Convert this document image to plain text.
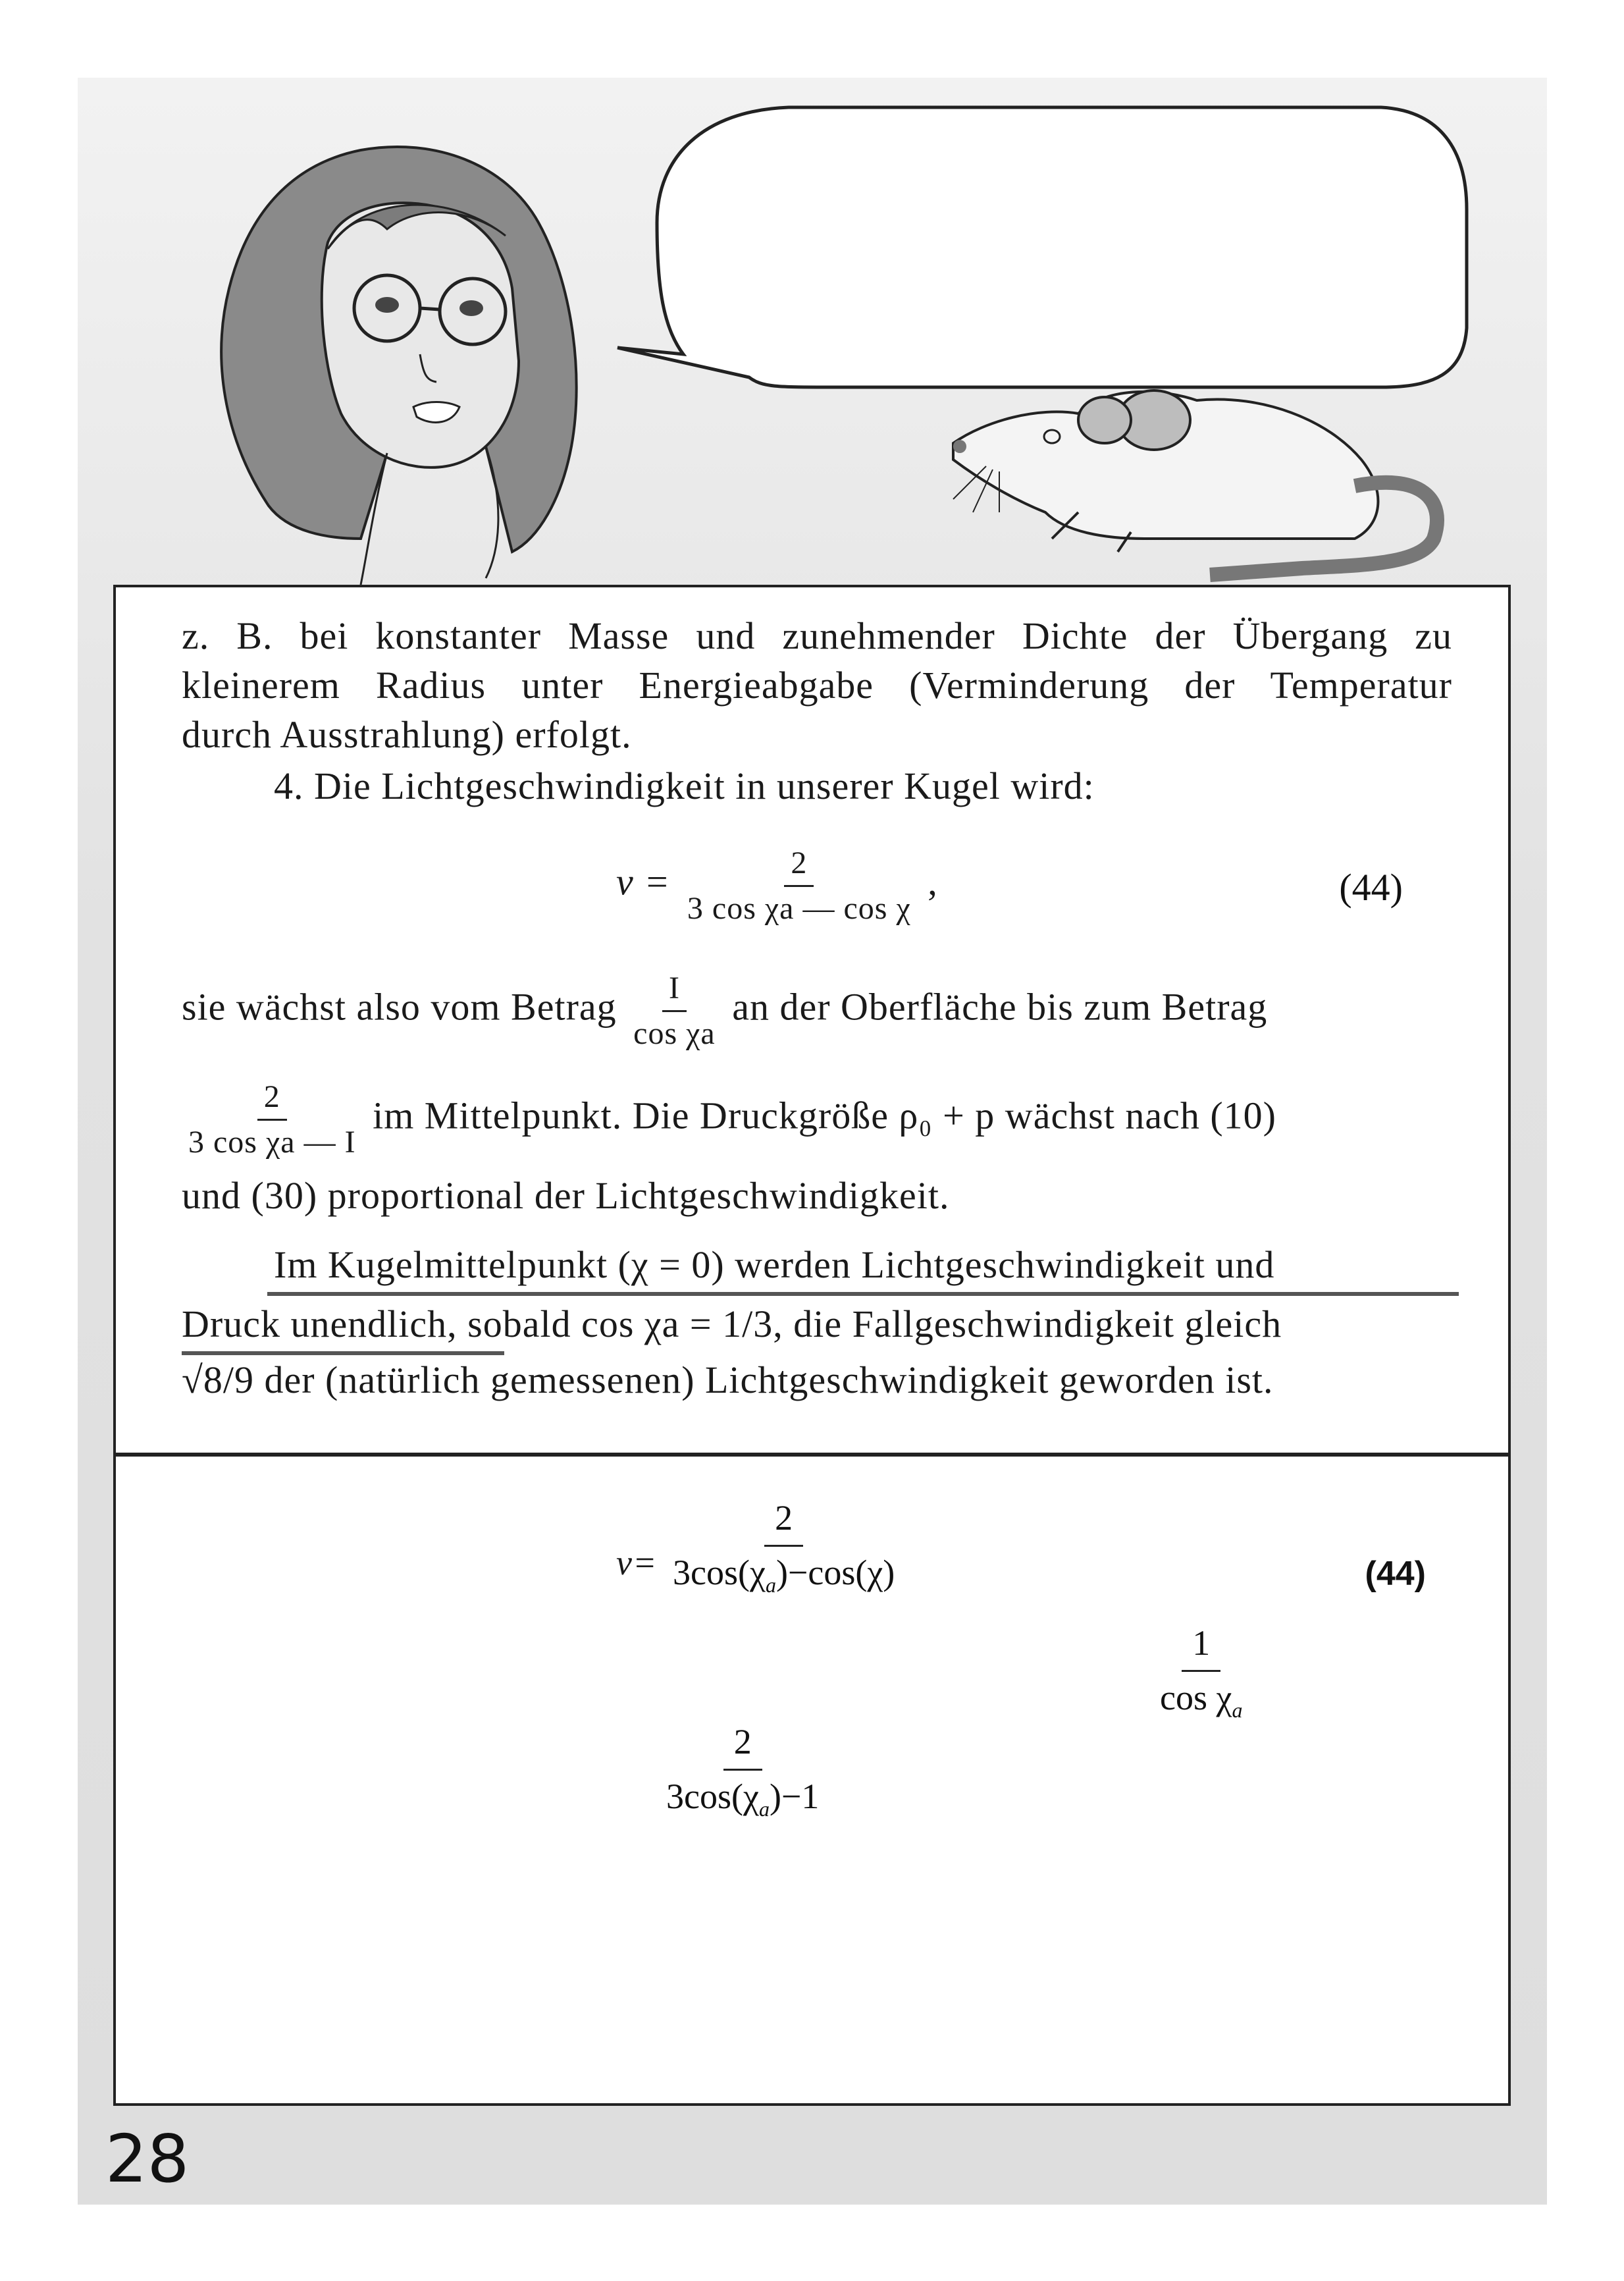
z. B. bei konstanter Masse und zunehmender Dichte der Übergang zu
kleinerem Radius unter Energieabgabe (Verminderung der Temperatur
durch Ausstrahlung) erfolgt.
4. Die Lichtgeschwindigkeit in unserer Kugel wird:
$v = \frac{2}{\text{3 cos χa — cos χ}}$ ,	(44)
sie wächst also vom Betrag $\frac{I}{\text{cos χa}}$ an der Oberfläche bis zum Betrag
$\frac{2}{\text{3 cos χa — I}}$ im Mittelpunkt. Die Druckgröße ρ₀ + p wächst nach (10)
und (30) proportional der Lichtgeschwindigkeit.
Im Kugelmittelpunkt (χ = 0) werden Lichtgeschwindigkeit und
Druck unendlich, sobald cos χa = 1/3, die Fallgeschwindigkeit gleich
√8/9 der (natürlich gemessenen) Lichtgeschwindigkeit geworden ist.
$v= \frac{2}{3\cos(\chi_a)-\cos(\chi)}$	(44)
$\frac{1}{\cos \chi_a}$
$\frac{2}{3\cos(\chi_a)-1}$
28
